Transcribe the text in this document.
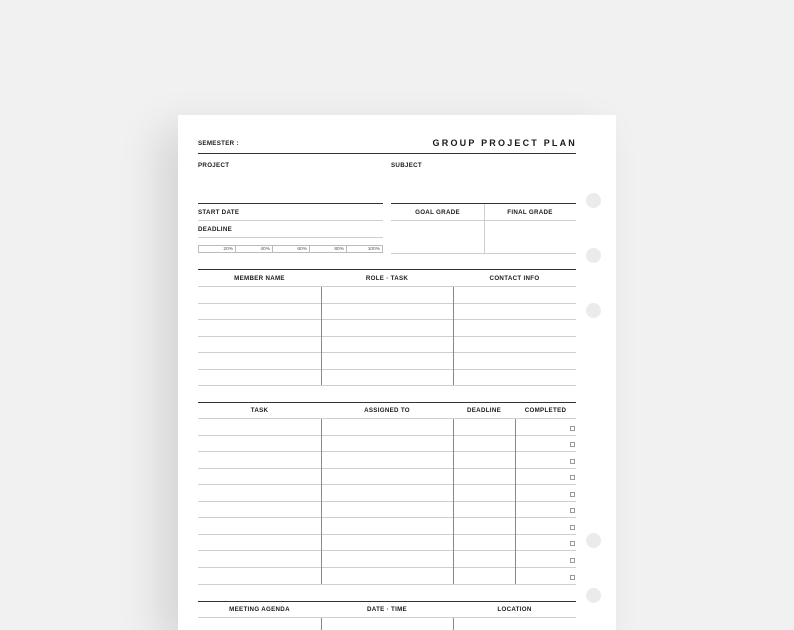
SEMESTER :	GROUP PROJECT PLAN
PROJECT	SUBJECT
START DATE
DEADLINE
20%	40%	60%	80%	100%
GOAL GRADE	FINAL GRADE
MEMBER NAME	ROLE · TASK	CONTACT INFO
TASK	ASSIGNED TO	DEADLINE	COMPLETED
MEETING AGENDA	DATE · TIME	LOCATION
